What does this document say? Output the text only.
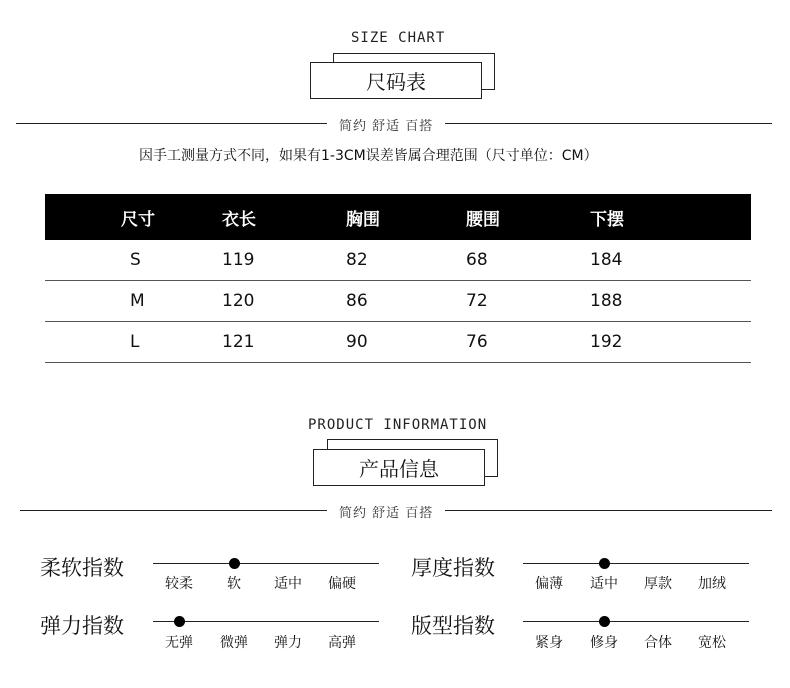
SIZE CHART
尺码表
简约 舒适 百搭
因手工测量方式不同，如果有1-3CM误差皆属合理范围（尺寸单位：CM）
尺寸	衣长	胸围	腰围	下摆
S	119	82	68	184
M	120	86	72	188
L	121	90	76	192
PRODUCT INFORMATION
产品信息
简约 舒适 百搭
柔软指数
较柔 软 适中 偏硬
厚度指数
偏薄 适中 厚款 加绒
弹力指数
无弹 微弹 弹力 高弹
版型指数
紧身 修身 合体 宽松
